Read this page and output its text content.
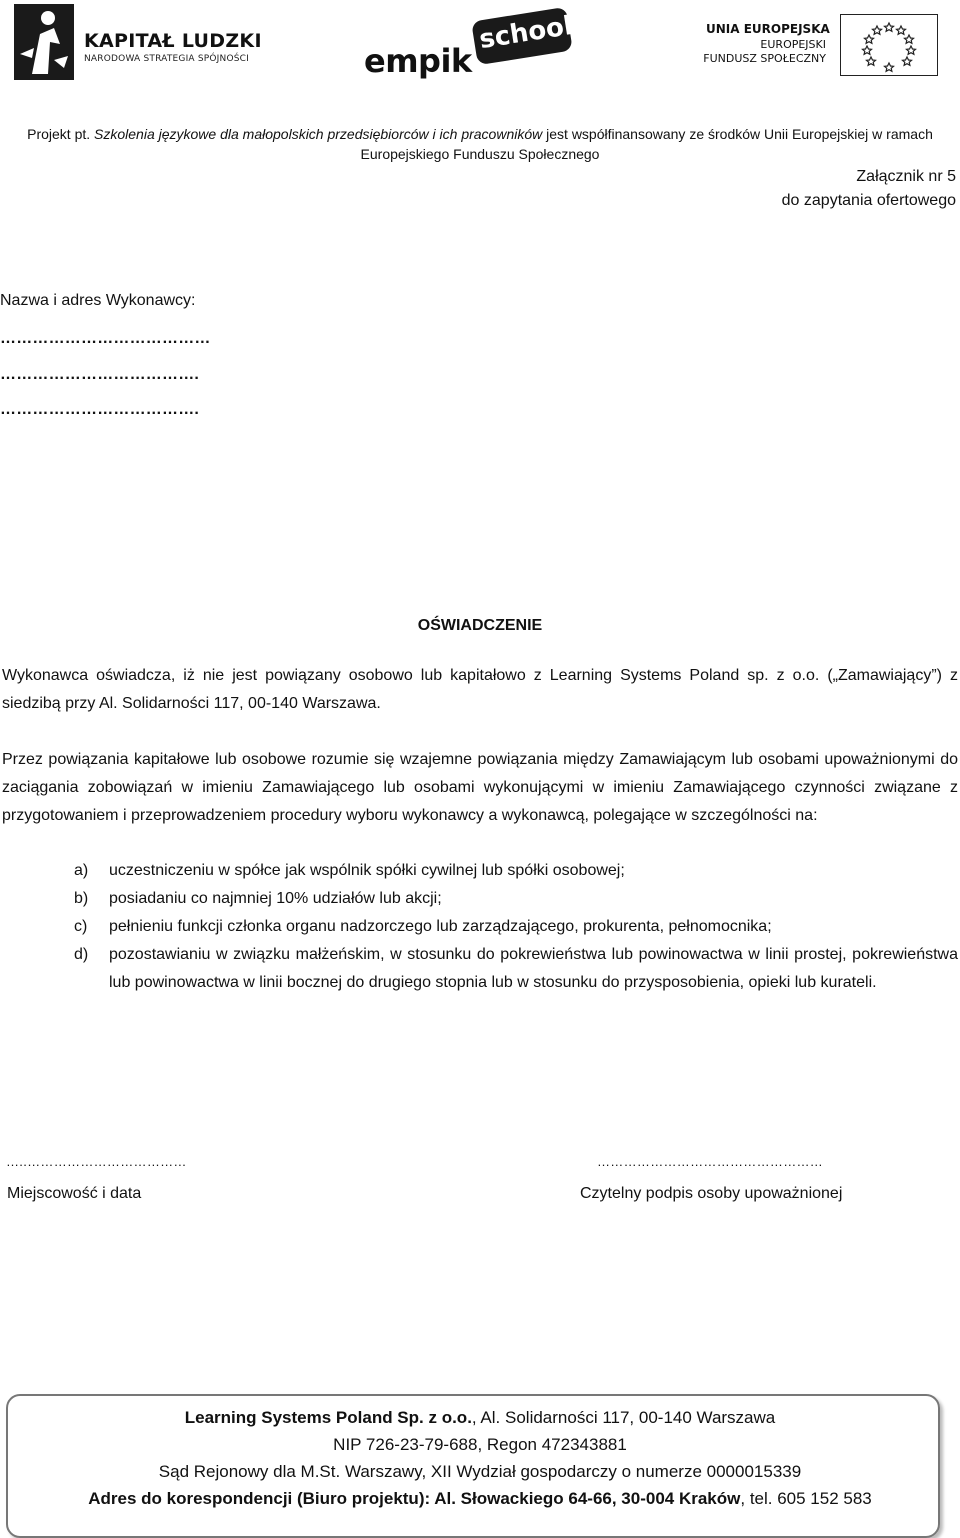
KAPITAŁ LUDZKI
NARODOWA STRATEGIA SPÓJNOŚCI	empik
school	UNIA EUROPEJSKA
EUROPEJSKI
FUNDUSZ SPOŁECZNY
Projekt pt. Szkolenia językowe dla małopolskich przedsiębiorców i ich pracowników jest współfinansowany ze środków Unii Europejskiej w ramach
Europejskiego Funduszu Społecznego
Załącznik nr 5
do zapytania ofertowego
Nazwa i adres Wykonawcy:
…………………………………
……………………………….
……………………………….
OŚWIADCZENIE
Wykonawca oświadcza, iż nie jest powiązany osobowo lub kapitałowo z Learning Systems Poland sp. z o.o. („Zamawiający”) z siedzibą przy Al. Solidarności 117, 00-140 Warszawa.
Przez powiązania kapitałowe lub osobowe rozumie się wzajemne powiązania między Zamawiającym lub osobami upoważnionymi do zaciągania zobowiązań w imieniu Zamawiającego lub osobami wykonującymi w imieniu Zamawiającego czynności związane z przygotowaniem i przeprowadzeniem procedury wyboru wykonawcy a wykonawcą, polegające w szczególności na:
a) uczestniczeniu w spółce jak wspólnik spółki cywilnej lub spółki osobowej;
b) posiadaniu co najmniej 10% udziałów lub akcji;
c) pełnieniu funkcji członka organu nadzorczego lub zarządzającego, prokurenta, pełnomocnika;
d) pozostawianiu w związku małżeńskim, w stosunku do pokrewieństwa lub powinowactwa w linii prostej, pokrewieństwa lub powinowactwa w linii bocznej do drugiego stopnia lub w stosunku do przysposobienia, opieki lub kurateli.
…..………………………………
Miejscowość i data
……………………………………………
Czytelny podpis osoby upoważnionej
Learning Systems Poland Sp. z o.o., Al. Solidarności 117, 00-140 Warszawa
NIP 726-23-79-688, Regon 472343881
Sąd Rejonowy dla M.St. Warszawy, XII Wydział gospodarczy o numerze 0000015339
Adres do korespondencji (Biuro projektu): Al. Słowackiego 64-66, 30-004 Kraków, tel. 605 152 583
